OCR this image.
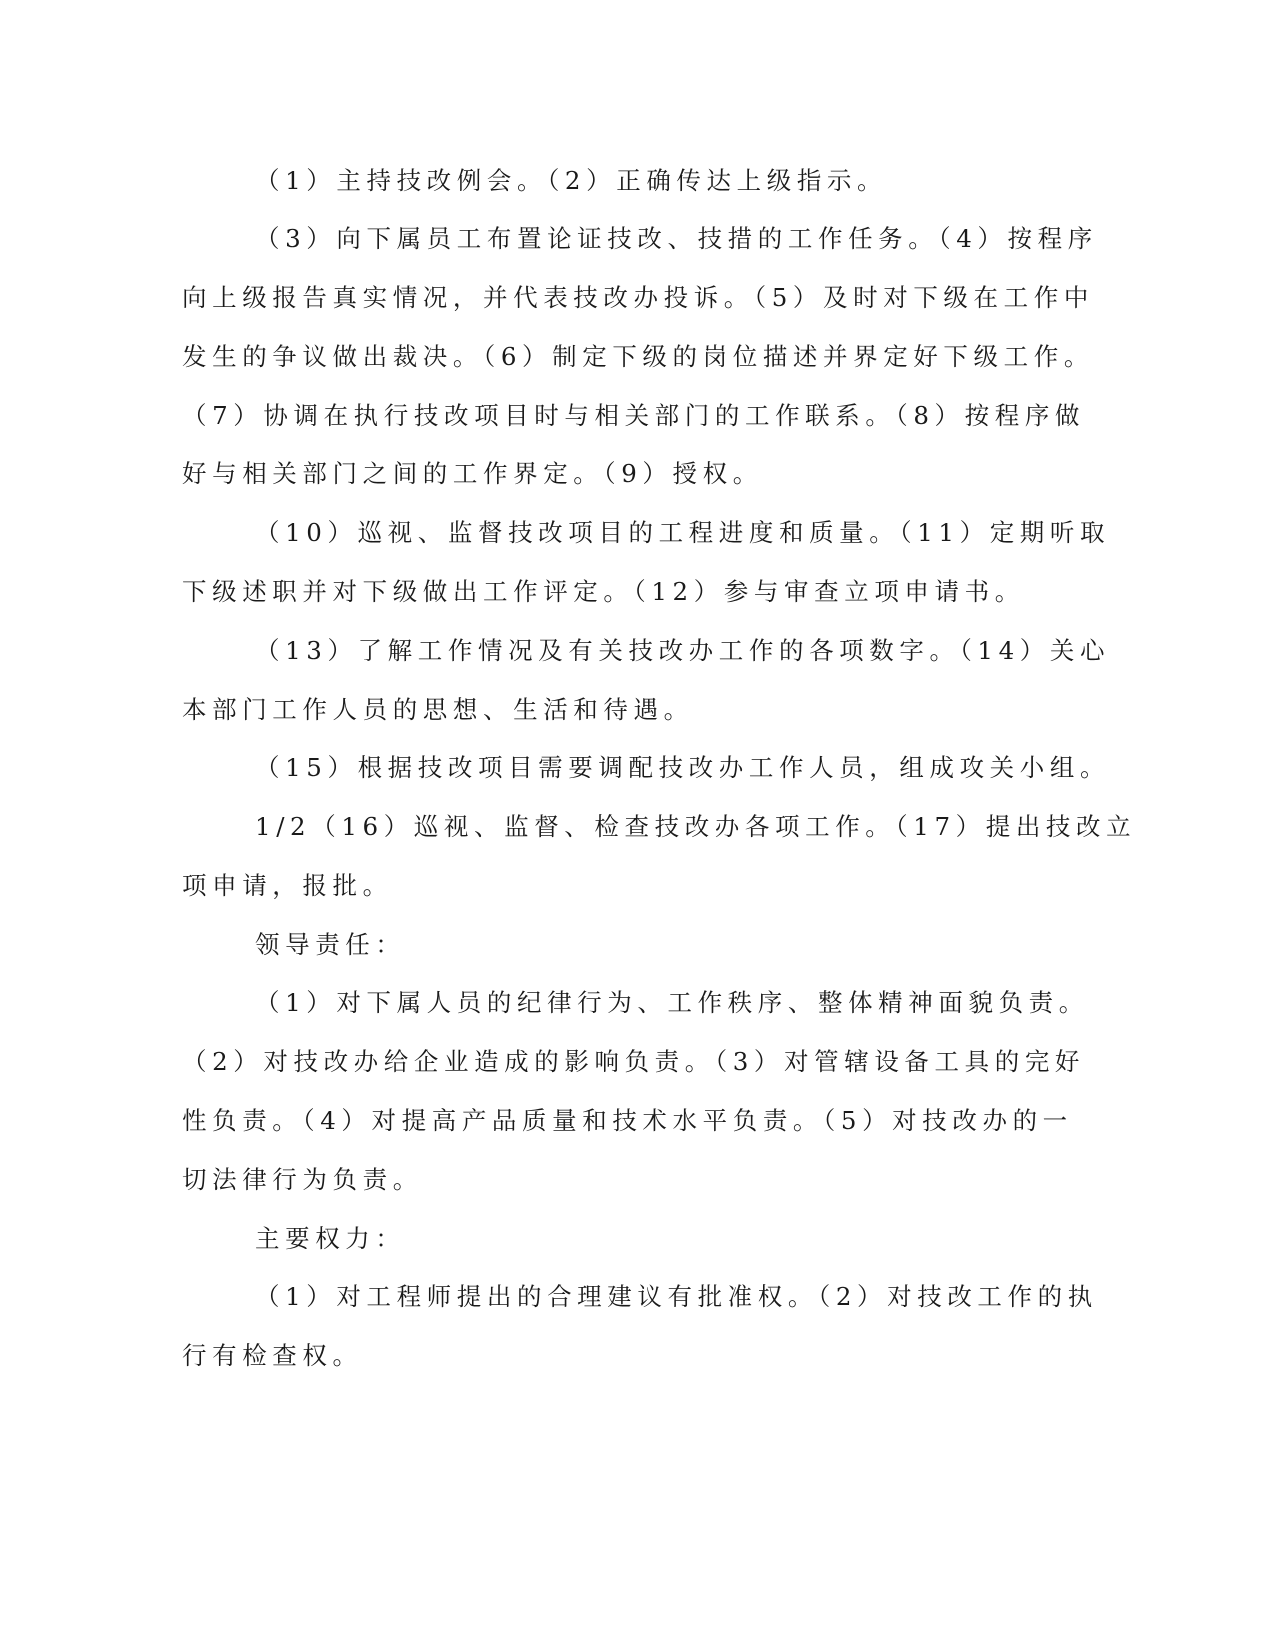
（1）主持技改例会。（2）正确传达上级指示。
（3）向下属员工布置论证技改、技措的工作任务。（4）按程序
向上级报告真实情况，并代表技改办投诉。（5）及时对下级在工作中
发生的争议做出裁决。（6）制定下级的岗位描述并界定好下级工作。
（7）协调在执行技改项目时与相关部门的工作联系。（8）按程序做
好与相关部门之间的工作界定。（9）授权。
（10）巡视、监督技改项目的工程进度和质量。（11）定期听取
下级述职并对下级做出工作评定。（12）参与审查立项申请书。
（13）了解工作情况及有关技改办工作的各项数字。（14）关心
本部门工作人员的思想、生活和待遇。
（15）根据技改项目需要调配技改办工作人员，组成攻关小组。
1/2（16）巡视、监督、检查技改办各项工作。（17）提出技改立
项申请，报批。
领导责任：
（1）对下属人员的纪律行为、工作秩序、整体精神面貌负责。
（2）对技改办给企业造成的影响负责。（3）对管辖设备工具的完好
性负责。（4）对提高产品质量和技术水平负责。（5）对技改办的一
切法律行为负责。
主要权力：
（1）对工程师提出的合理建议有批准权。（2）对技改工作的执
行有检查权。
